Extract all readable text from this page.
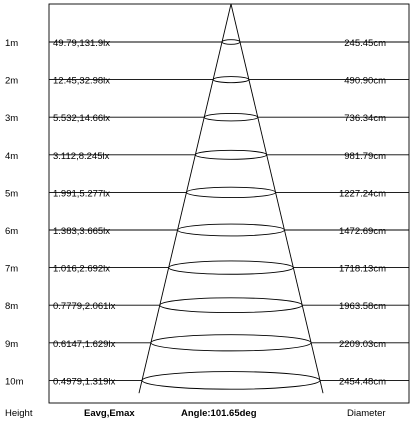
1m	49.79,131.9lx	245.45cm
2m	12.45,32.98lx	490.90cm
3m	5.532,14.66lx	736.34cm
4m	3.112,8.245lx	981.79cm
5m	1.991,5.277lx	1227.24cm
6m	1.383,3.665lx	1472.69cm
7m	1.016,2.692lx	1718.13cm
8m	0.7779,2.061lx	1963.58cm
9m	0.6147,1.629lx	2209.03cm
10m	0.4979,1.319lx	2454.48cm
Height	Eavg,Emax	Angle:101.65deg	Diameter
